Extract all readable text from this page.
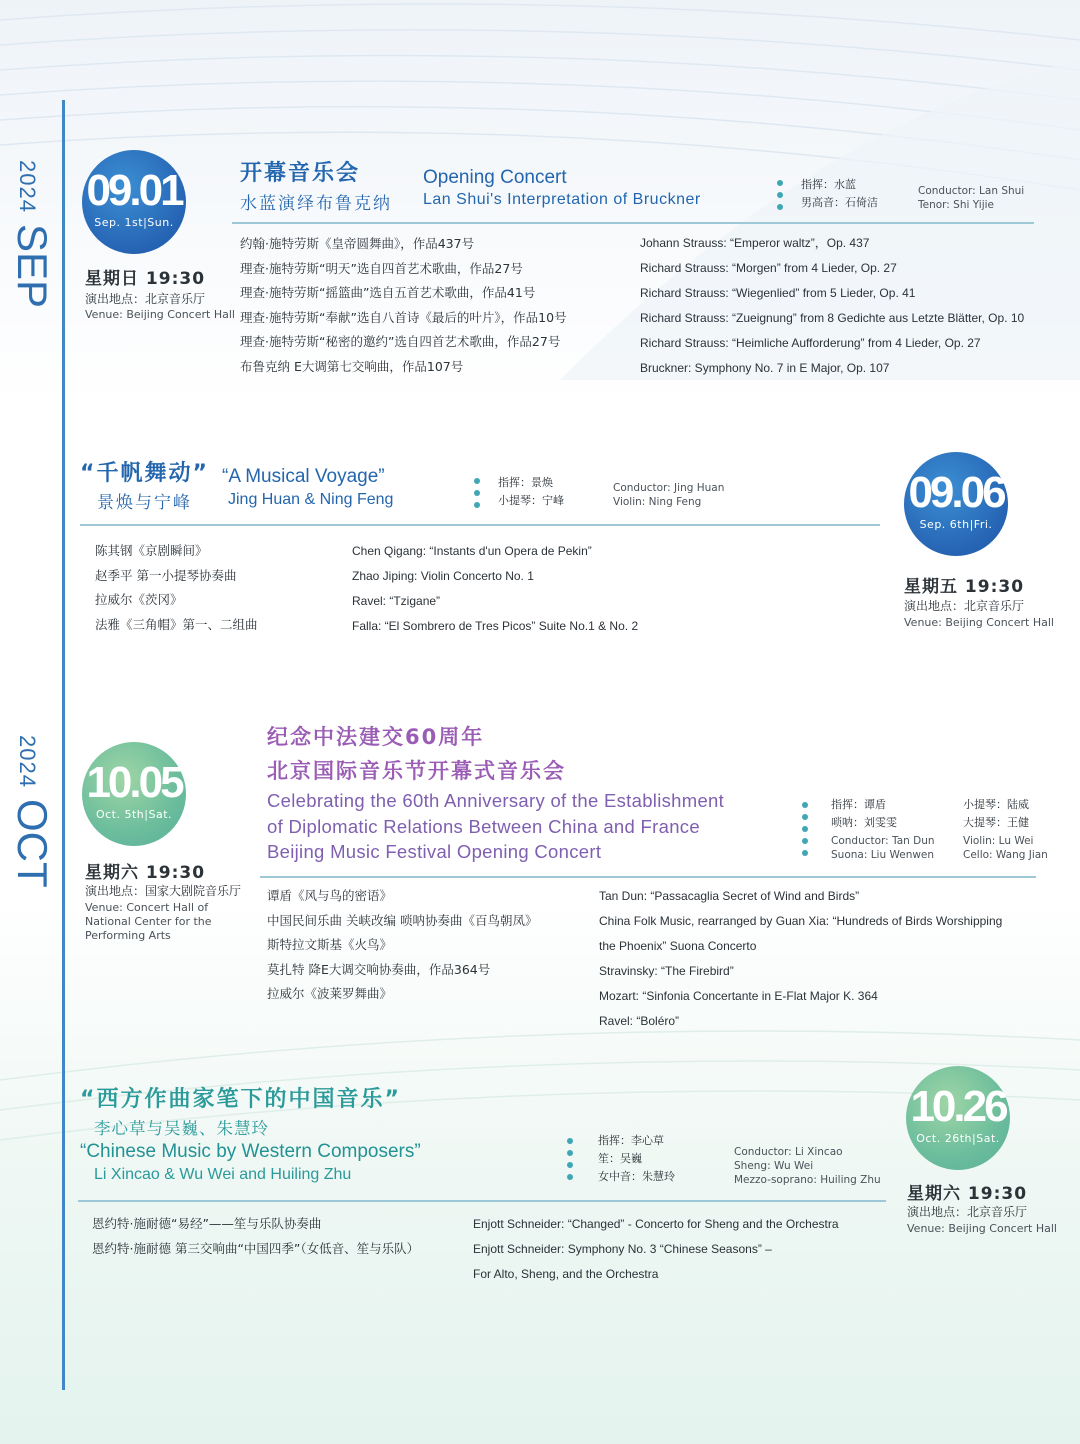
2024
SEP
2024
OCT
09.01
Sep. 1st|Sun.
星期日 19:30
演出地点：北京音乐厅
Venue: Beijing Concert Hall
开幕音乐会
水蓝演绎布鲁克纳
Opening Concert
Lan Shui's Interpretation of Bruckner
指挥：水蓝
男高音：石倚洁
Conductor: Lan Shui
Tenor: Shi Yijie
约翰·施特劳斯《皇帝圆舞曲》，作品437号
理查·施特劳斯“明天”选自四首艺术歌曲，作品27号
理查·施特劳斯“摇篮曲”选自五首艺术歌曲，作品41号
理查·施特劳斯“奉献”选自八首诗《最后的叶片》，作品10号
理查·施特劳斯“秘密的邀约”选自四首艺术歌曲，作品27号
布鲁克纳 E大调第七交响曲，作品107号
Johann Strauss: “Emperor waltz”，Op. 437
Richard Strauss: “Morgen” from 4 Lieder, Op. 27
Richard Strauss: “Wiegenlied” from 5 Lieder, Op. 41
Richard Strauss: “Zueignung” from 8 Gedichte aus Letzte Blätter, Op. 10
Richard Strauss: “Heimliche Aufforderung” from 4 Lieder, Op. 27
Bruckner: Symphony No. 7 in E Major, Op. 107
“千帆舞动”
景焕与宁峰
“A Musical Voyage”
Jing Huan & Ning Feng
指挥：景焕
小提琴：宁峰
Conductor: Jing Huan
Violin: Ning Feng	09.06
Sep. 6th|Fri.
星期五 19:30
演出地点：北京音乐厅
Venue: Beijing Concert Hall
陈其钢《京剧瞬间》
赵季平 第一小提琴协奏曲
拉威尔《茨冈》
法雅《三角帽》第一、二组曲
Chen Qigang: “Instants d'un Opera de Pekin”
Zhao Jiping: Violin Concerto No. 1
Ravel: “Tzigane”
Falla: “El Sombrero de Tres Picos” Suite No.1 & No. 2
10.05
Oct. 5th|Sat.
星期六 19:30
演出地点：国家大剧院音乐厅
Venue: Concert Hall of
National Center for the
Performing Arts
纪念中法建交60周年
北京国际音乐节开幕式音乐会
Celebrating the 60th Anniversary of the Establishment
of Diplomatic Relations Between China and France
Beijing Music Festival Opening Concert
指挥：谭盾
唢呐：刘雯雯
Conductor: Tan Dun
Suona: Liu Wenwen
小提琴：陆威
大提琴：王健
Violin: Lu Wei
Cello: Wang Jian
谭盾《风与鸟的密语》
中国民间乐曲 关峡改编 唢呐协奏曲《百鸟朝凤》
斯特拉文斯基《火鸟》
莫扎特 降E大调交响协奏曲，作品364号
拉威尔《波莱罗舞曲》
Tan Dun: “Passacaglia Secret of Wind and Birds”
China Folk Music, rearranged by Guan Xia: “Hundreds of Birds Worshipping
the Phoenix” Suona Concerto
Stravinsky: “The Firebird”
Mozart: “Sinfonia Concertante in E-Flat Major K. 364
Ravel: “Boléro”
“西方作曲家笔下的中国音乐”
李心草与吴巍、朱慧玲
“Chinese Music by Western Composers”
Li Xincao & Wu Wei and Huiling Zhu
指挥：李心草
笙：吴巍
女中音：朱慧玲
Conductor: Li Xincao
Sheng: Wu Wei
Mezzo-soprano: Huiling Zhu
10.26
Oct. 26th|Sat.
星期六 19:30
演出地点：北京音乐厅
Venue: Beijing Concert Hall
恩约特·施耐德“易经”——笙与乐队协奏曲
恩约特·施耐德 第三交响曲“中国四季”（女低音、笙与乐队）
Enjott Schneider: “Changed” - Concerto for Sheng and the Orchestra
Enjott Schneider: Symphony No. 3 “Chinese Seasons” –
For Alto, Sheng, and the Orchestra
